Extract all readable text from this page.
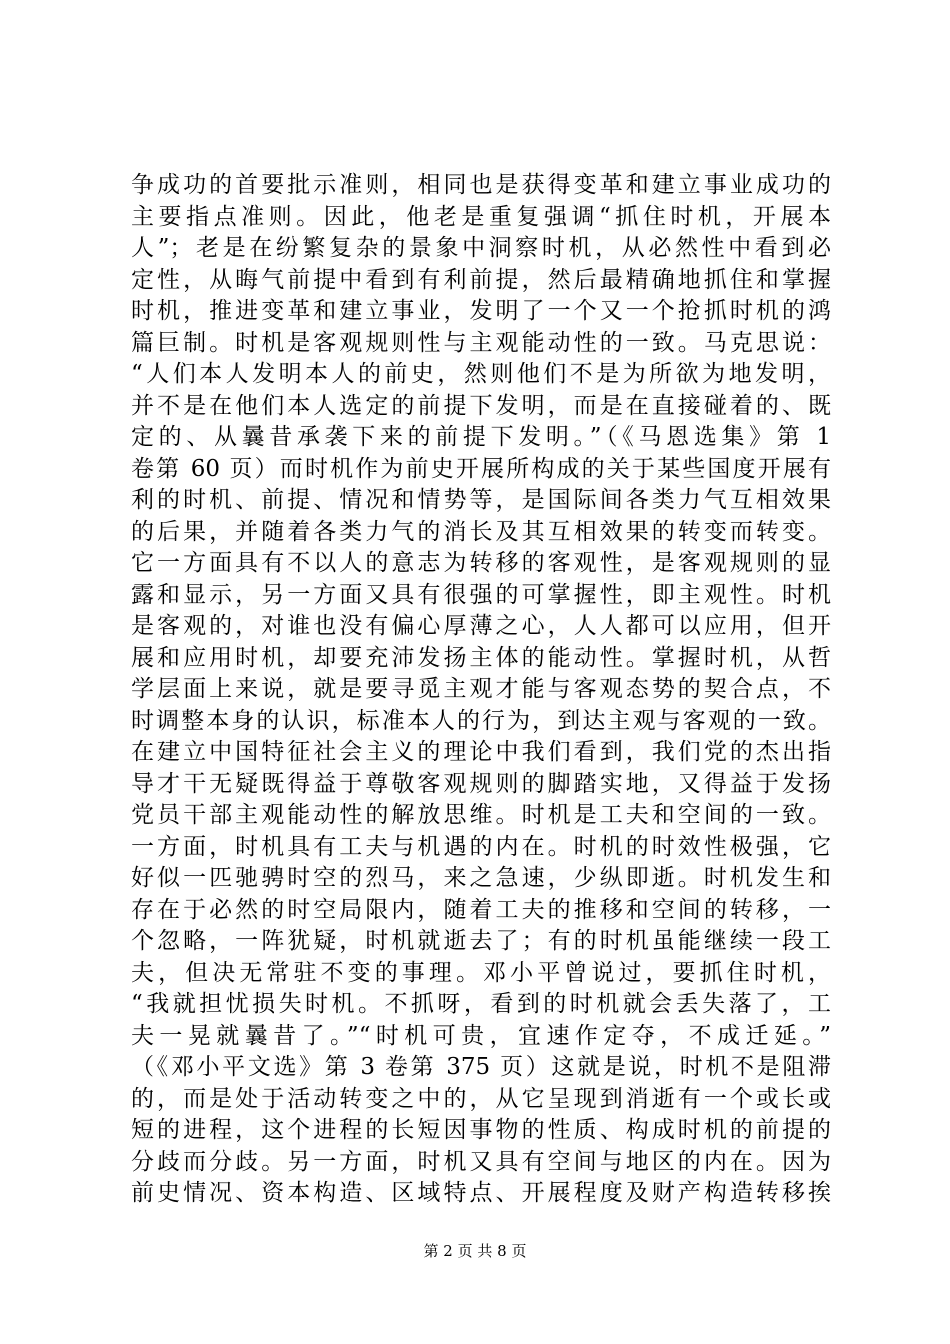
争成功的首要批示准则，相同也是获得变革和建立事业成功的
主要指点准则。因此，他老是重复强调“抓住时机，开展本
人”；老是在纷繁复杂的景象中洞察时机，从必然性中看到必
定性，从晦气前提中看到有利前提，然后最精确地抓住和掌握
时机，推进变革和建立事业，发明了一个又一个抢抓时机的鸿
篇巨制。时机是客观规则性与主观能动性的一致。马克思说：
“人们本人发明本人的前史，然则他们不是为所欲为地发明，
并不是在他们本人选定的前提下发明，而是在直接碰着的、既
定的、从曩昔承袭下来的前提下发明。”（《马恩选集》第 1
卷第 60 页）而时机作为前史开展所构成的关于某些国度开展有
利的时机、前提、情况和情势等，是国际间各类力气互相效果
的后果，并随着各类力气的消长及其互相效果的转变而转变。
它一方面具有不以人的意志为转移的客观性，是客观规则的显
露和显示，另一方面又具有很强的可掌握性，即主观性。时机
是客观的，对谁也没有偏心厚薄之心，人人都可以应用，但开
展和应用时机，却要充沛发扬主体的能动性。掌握时机，从哲
学层面上来说，就是要寻觅主观才能与客观态势的契合点，不
时调整本身的认识，标准本人的行为，到达主观与客观的一致。
在建立中国特征社会主义的理论中我们看到，我们党的杰出指
导才干无疑既得益于尊敬客观规则的脚踏实地，又得益于发扬
党员干部主观能动性的解放思维。时机是工夫和空间的一致。
一方面，时机具有工夫与机遇的内在。时机的时效性极强，它
好似一匹驰骋时空的烈马，来之急速，少纵即逝。时机发生和
存在于必然的时空局限内，随着工夫的推移和空间的转移，一
个忽略，一阵犹疑，时机就逝去了；有的时机虽能继续一段工
夫，但决无常驻不变的事理。邓小平曾说过，要抓住时机，
“我就担忧损失时机。不抓呀，看到的时机就会丢失落了，工
夫一晃就曩昔了。”“时机可贵，宜速作定夺，不成迁延。”
（《邓小平文选》第 3 卷第 375 页）这就是说，时机不是阻滞
的，而是处于活动转变之中的，从它呈现到消逝有一个或长或
短的进程，这个进程的长短因事物的性质、构成时机的前提的
分歧而分歧。另一方面，时机又具有空间与地区的内在。因为
前史情况、资本构造、区域特点、开展程度及财产构造转移挨
第 2 页 共 8 页
